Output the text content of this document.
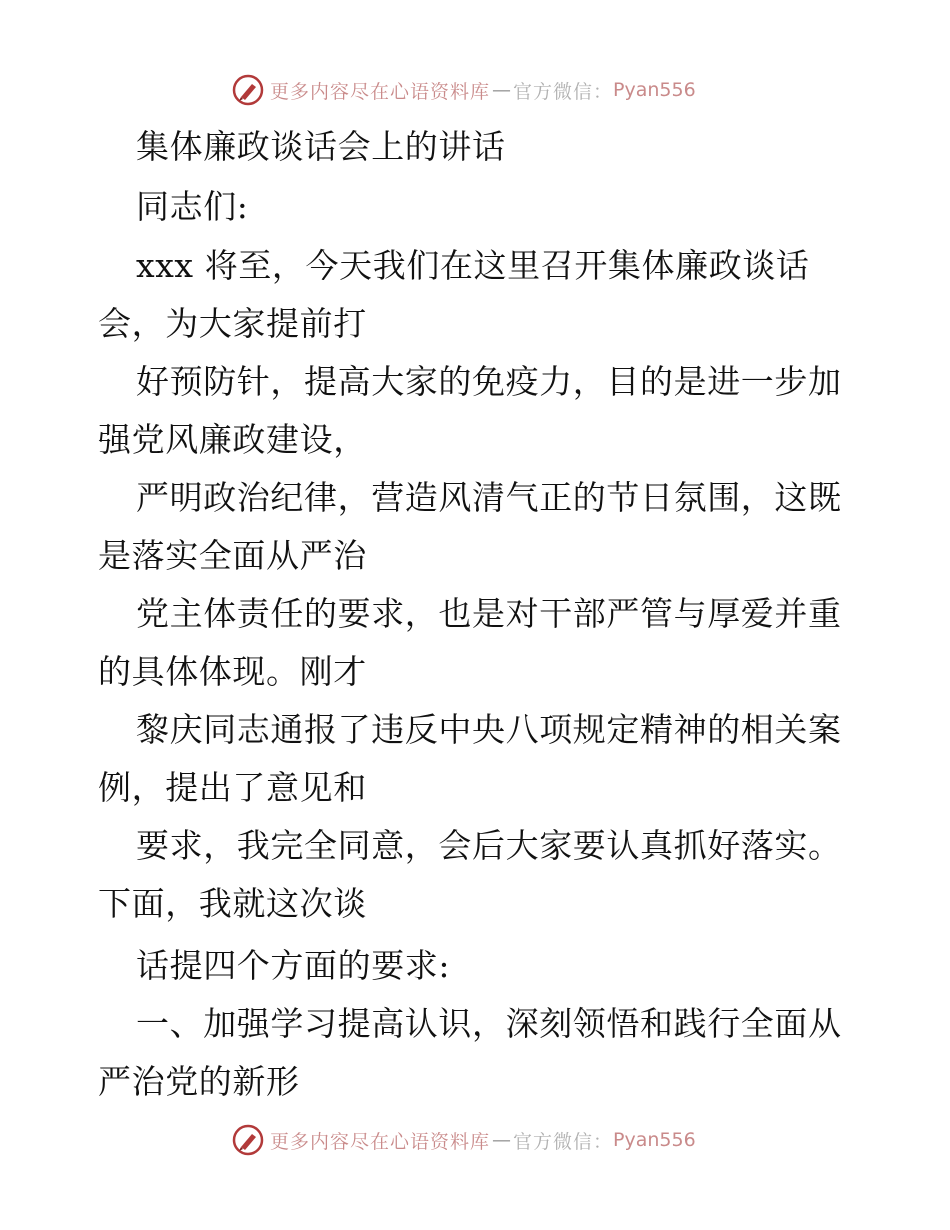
更多内容尽在心语资料库 — 官方微信： Pyan556
集体廉政谈话会上的讲话
同志们:
xxx 将至，今天我们在这里召开集体廉政谈话
会，为大家提前打
好预防针，提高大家的免疫力，目的是进一步加
强党风廉政建设，
严明政治纪律，营造风清气正的节日氛围，这既
是落实全面从严治
党主体责任的要求，也是对干部严管与厚爱并重
的具体体现。刚才
黎庆同志通报了违反中央八项规定精神的相关案
例，提出了意见和
要求，我完全同意，会后大家要认真抓好落实。
下面，我就这次谈
话提四个方面的要求:
一、加强学习提高认识，深刻领悟和践行全面从
严治党的新形
更多内容尽在心语资料库 — 官方微信： Pyan556
